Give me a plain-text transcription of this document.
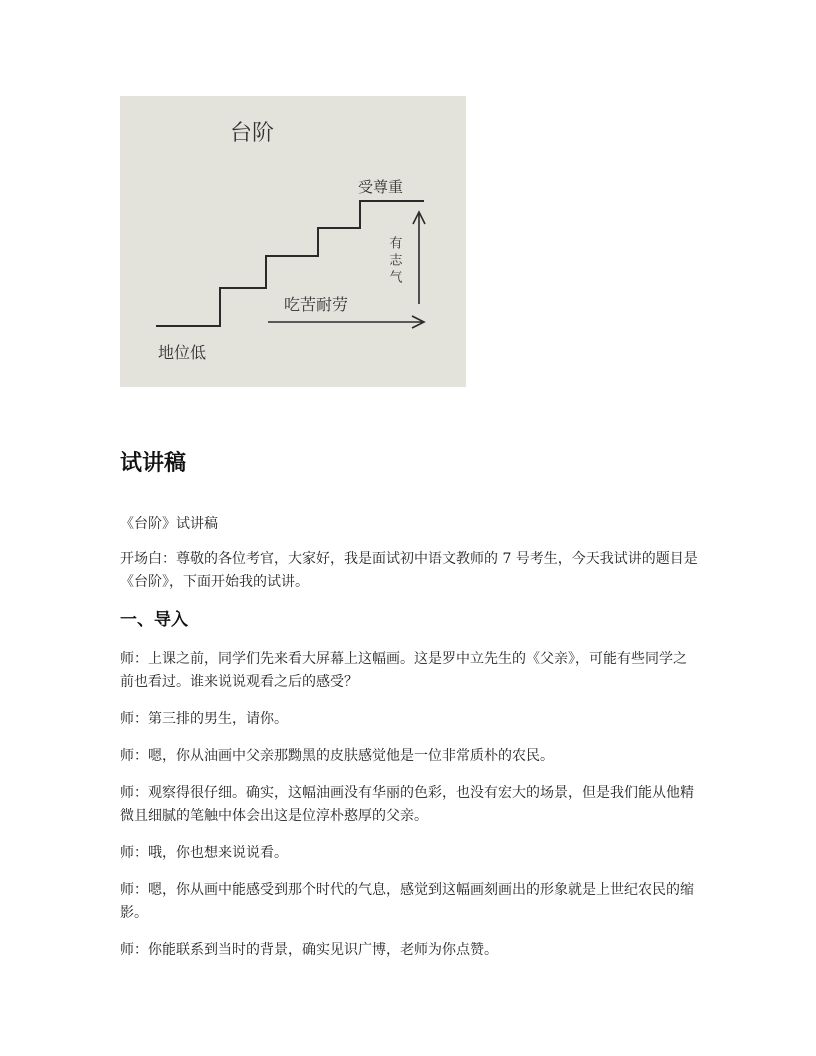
台阶
受尊重
有志气
吃苦耐劳
地位低
试讲稿

《台阶》试讲稿

开场白：尊敬的各位考官，大家好，我是面试初中语文教师的 7 号考生，今天我试讲的题目是《台阶》，下面开始我的试讲。

一、导入

师：上课之前，同学们先来看大屏幕上这幅画。这是罗中立先生的《父亲》，可能有些同学之前也看过。谁来说说观看之后的感受？

师：第三排的男生，请你。

师：嗯，你从油画中父亲那黝黑的皮肤感觉他是一位非常质朴的农民。

师：观察得很仔细。确实，这幅油画没有华丽的色彩，也没有宏大的场景，但是我们能从他精微且细腻的笔触中体会出这是位淳朴憨厚的父亲。

师：哦，你也想来说说看。

师：嗯，你从画中能感受到那个时代的气息，感觉到这幅画刻画出的形象就是上世纪农民的缩影。

师：你能联系到当时的背景，确实见识广博，老师为你点赞。
